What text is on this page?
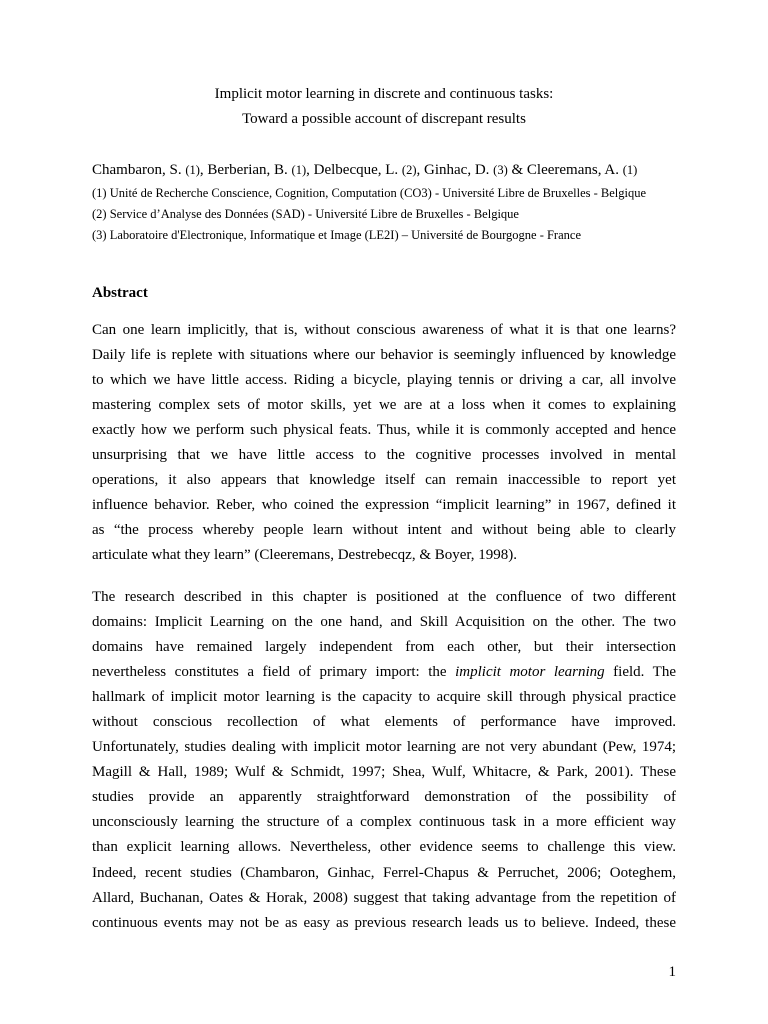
Implicit motor learning in discrete and continuous tasks:
Toward a possible account of discrepant results
Chambaron, S. (1), Berberian, B. (1), Delbecque, L. (2), Ginhac, D. (3) & Cleeremans, A. (1)
(1) Unité de Recherche Conscience, Cognition, Computation (CO3) - Université Libre de Bruxelles - Belgique
(2) Service d’Analyse des Données (SAD) - Université Libre de Bruxelles - Belgique
(3) Laboratoire d'Electronique, Informatique et Image (LE2I) – Université de Bourgogne - France
Abstract
Can one learn implicitly, that is, without conscious awareness of what it is that one learns?
Daily life is replete with situations where our behavior is seemingly influenced by knowledge
to which we have little access. Riding a bicycle, playing tennis or driving a car, all involve
mastering complex sets of motor skills, yet we are at a loss when it comes to explaining
exactly how we perform such physical feats. Thus, while it is commonly accepted and hence
unsurprising that we have little access to the cognitive processes involved in mental
operations, it also appears that knowledge itself can remain inaccessible to report yet
influence behavior. Reber, who coined the expression “implicit learning” in 1967, defined it
as “the process whereby people learn without intent and without being able to clearly
articulate what they learn” (Cleeremans, Destrebecqz, & Boyer, 1998).
The research described in this chapter is positioned at the confluence of two different
domains: Implicit Learning on the one hand, and Skill Acquisition on the other. The two
domains have remained largely independent from each other, but their intersection
nevertheless constitutes a field of primary import: the implicit motor learning field. The
hallmark of implicit motor learning is the capacity to acquire skill through physical practice
without conscious recollection of what elements of performance have improved.
Unfortunately, studies dealing with implicit motor learning are not very abundant (Pew, 1974;
Magill & Hall, 1989; Wulf & Schmidt, 1997; Shea, Wulf, Whitacre, & Park, 2001). These
studies provide an apparently straightforward demonstration of the possibility of
unconsciously learning the structure of a complex continuous task in a more efficient way
than explicit learning allows. Nevertheless, other evidence seems to challenge this view.
Indeed, recent studies (Chambaron, Ginhac, Ferrel-Chapus & Perruchet, 2006; Ooteghem,
Allard, Buchanan, Oates & Horak, 2008) suggest that taking advantage from the repetition of
continuous events may not be as easy as previous research leads us to believe. Indeed, these
1
